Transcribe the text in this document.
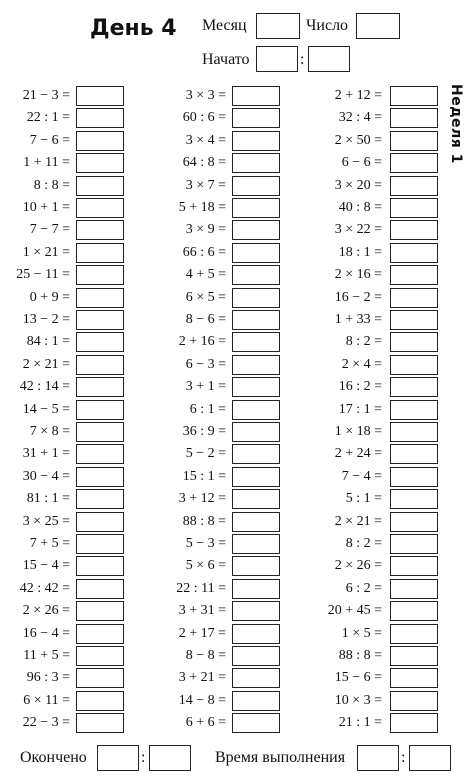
День 4 Месяц	Число
Начато	:
Неделя 1
21 − 3 =
22 : 1 =
7 − 6 =
1 + 11 =
8 : 8 =
10 + 1 =
7 − 7 =
1 × 21 =
25 − 11 =
0 + 9 =
13 − 2 =
84 : 1 =
2 × 21 =
42 : 14 =
14 − 5 =
7 × 8 =
31 + 1 =
30 − 4 =
81 : 1 =
3 × 25 =
7 + 5 =
15 − 4 =
42 : 42 =
2 × 26 =
16 − 4 =
11 + 5 =
96 : 3 =
6 × 11 =
22 − 3 =
3 × 3 =
60 : 6 =
3 × 4 =
64 : 8 =
3 × 7 =
5 + 18 =
3 × 9 =
66 : 6 =
4 + 5 =
6 × 5 =
8 − 6 =
2 + 16 =
6 − 3 =
3 + 1 =
6 : 1 =
36 : 9 =
5 − 2 =
15 : 1 =
3 + 12 =
88 : 8 =
5 − 3 =
5 × 6 =
22 : 11 =
3 + 31 =
2 + 17 =
8 − 8 =
3 + 21 =
14 − 8 =
6 + 6 =
2 + 12 =
32 : 4 =
2 × 50 =
6 − 6 =
3 × 20 =
40 : 8 =
3 × 22 =
18 : 1 =
2 × 16 =
16 − 2 =
1 + 33 =
8 : 2 =
2 × 4 =
16 : 2 =
17 : 1 =
1 × 18 =
2 + 24 =
7 − 4 =
5 : 1 =
2 × 21 =
8 : 2 =
2 × 26 =
6 : 2 =
20 + 45 =
1 × 5 =
88 : 8 =
15 − 6 =
10 × 3 =
21 : 1 =
Окончено	:	Время выполнения	:
